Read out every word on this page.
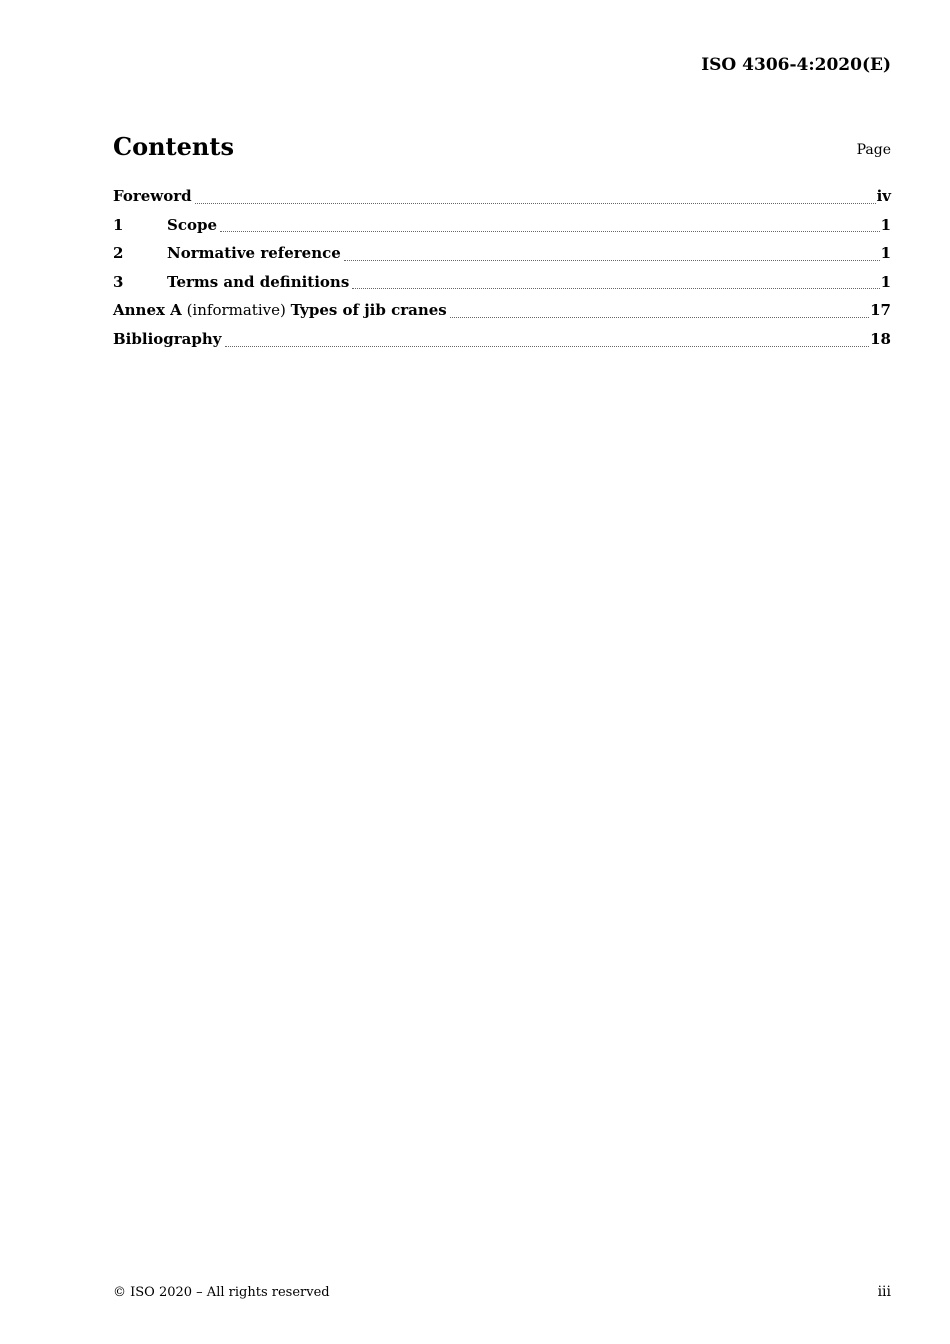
ISO 4306-4:2020(E)
Contents	Page
Foreword	iv
1	Scope	1
2	Normative reference	1
3	Terms and definitions	1
Annex A (informative) Types of jib cranes	17
Bibliography	18
© ISO 2020 – All rights reserved	iii
